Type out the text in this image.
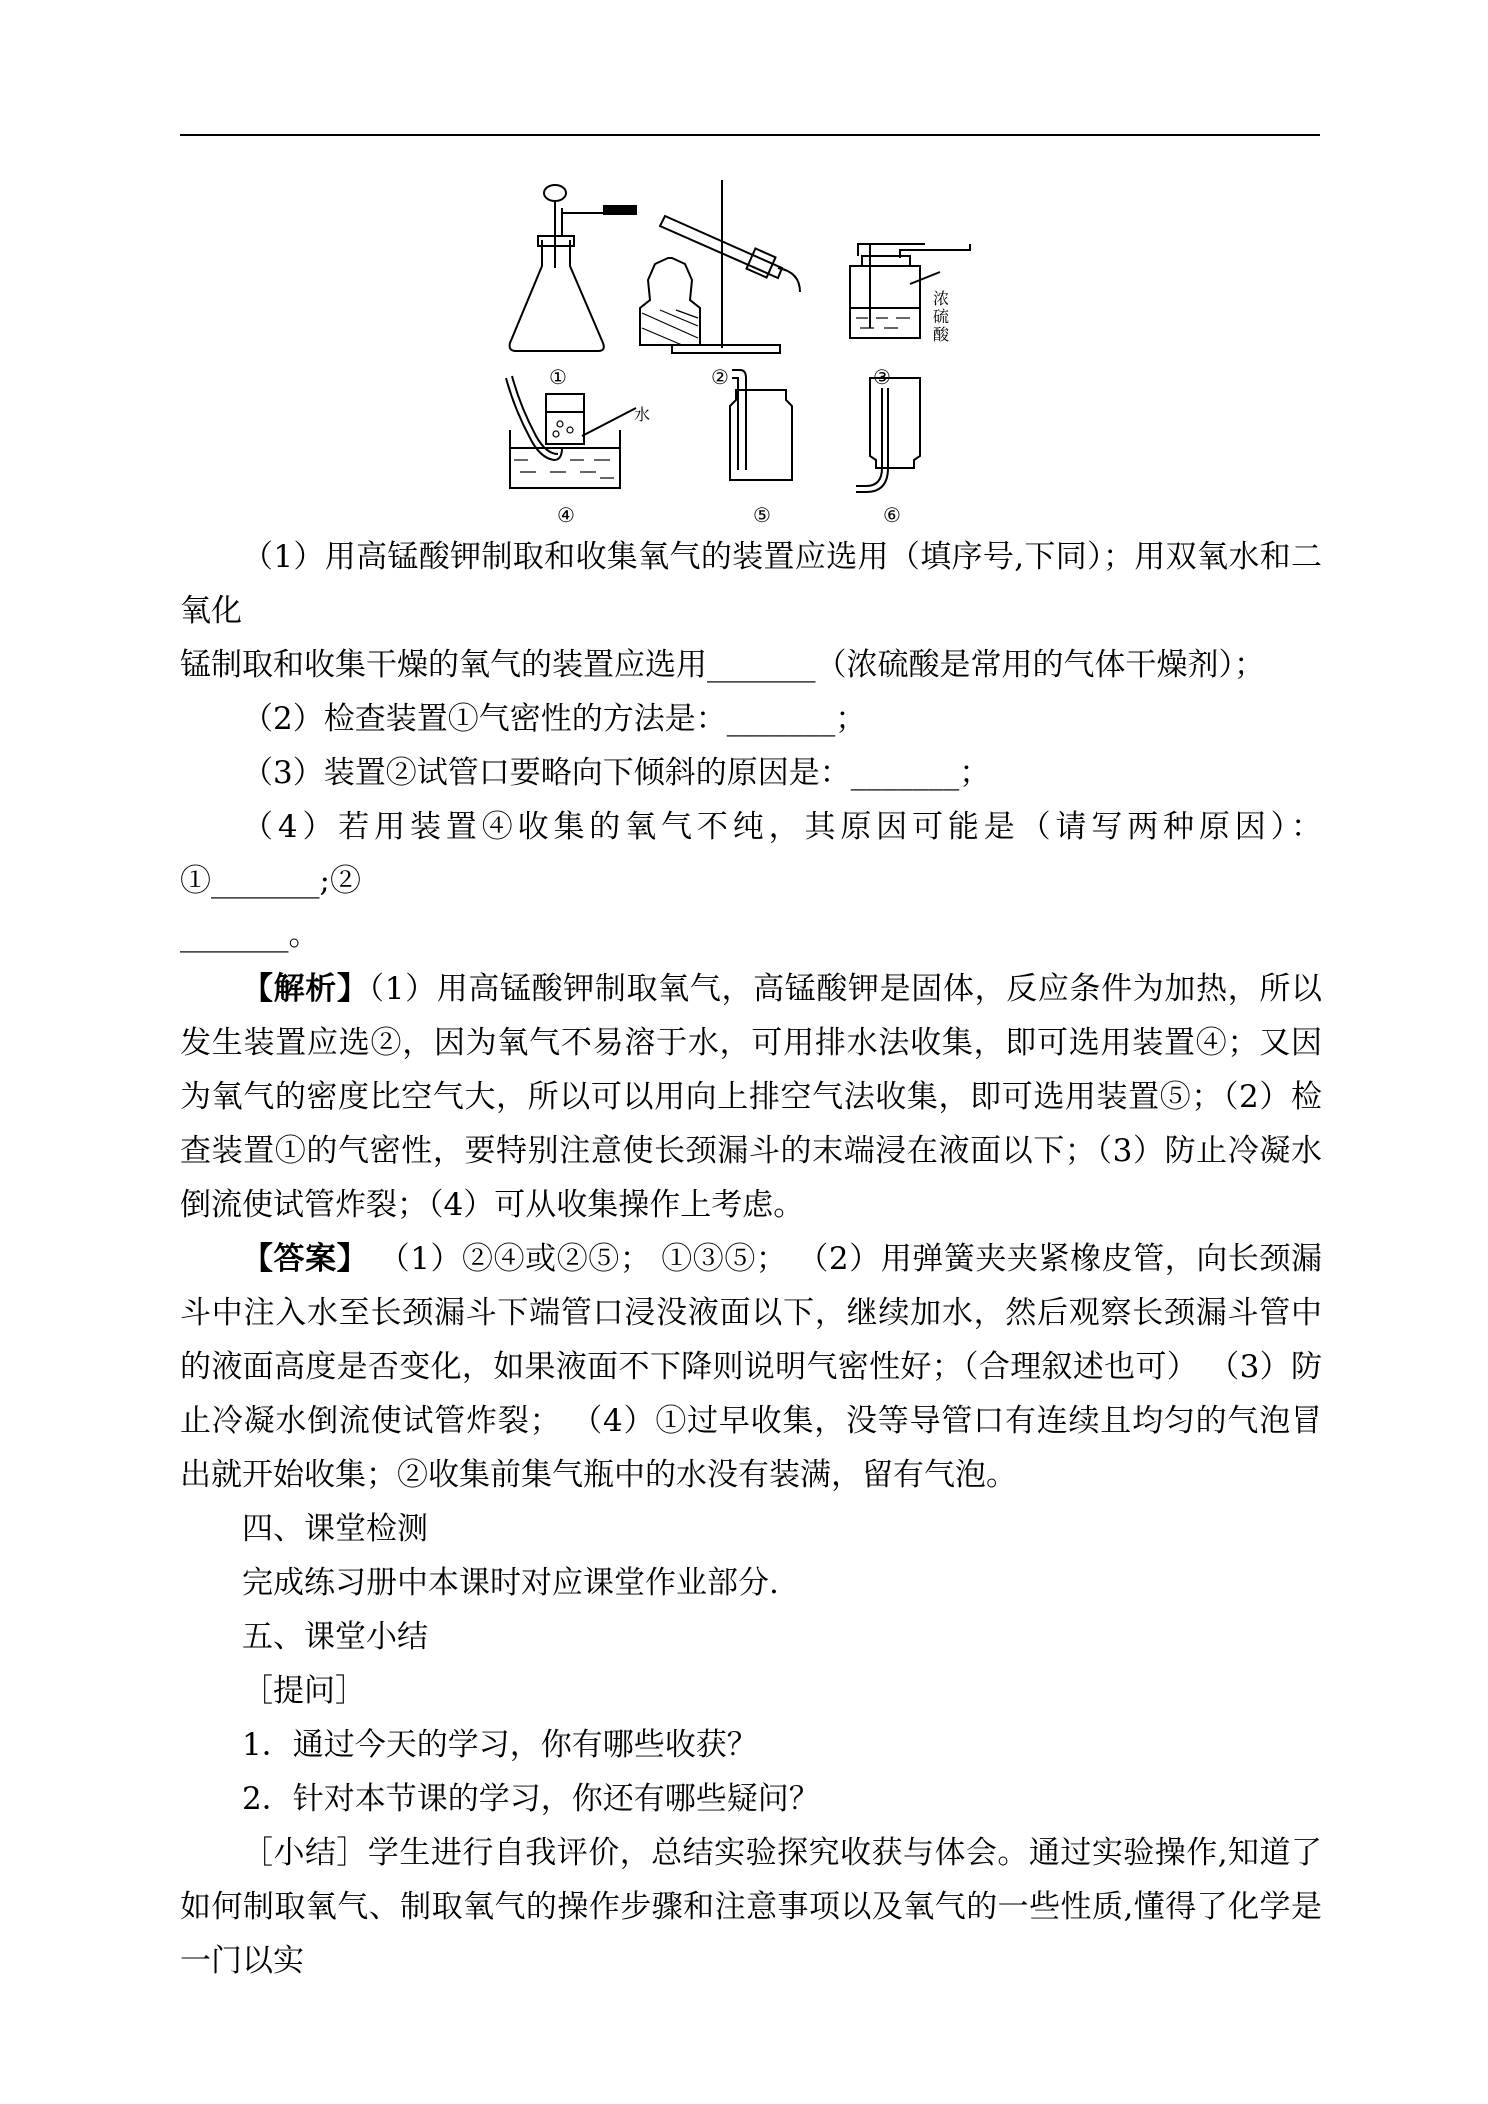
①	②	③
④	⑤	⑥
水
浓硫酸

（1）用高锰酸钾制取和收集氧气的装置应选用（填序号,下同）；用双氧水和二氧化

锰制取和收集干燥的氧气的装置应选用_______（浓硫酸是常用的气体干燥剂）；

（2）检查装置①气密性的方法是：_______；

（3）装置②试管口要略向下倾斜的原因是：_______；

（4）若用装置④收集的氧气不纯，其原因可能是（请写两种原因）：①_______;②

_______。

【解析】（1）用高锰酸钾制取氧气，高锰酸钾是固体，反应条件为加热，所以发生装置应选②，因为氧气不易溶于水，可用排水法收集，即可选用装置④；又因为氧气的密度比空气大，所以可以用向上排空气法收集，即可选用装置⑤；（2）检查装置①的气密性，要特别注意使长颈漏斗的末端浸在液面以下；（3）防止冷凝水倒流使试管炸裂；（4）可从收集操作上考虑。

【答案】 （1）②④或②⑤； ①③⑤； （2）用弹簧夹夹紧橡皮管，向长颈漏斗中注入水至长颈漏斗下端管口浸没液面以下，继续加水，然后观察长颈漏斗管中的液面高度是否变化，如果液面不下降则说明气密性好；（合理叙述也可） （3）防止冷凝水倒流使试管炸裂； （4）①过早收集，没等导管口有连续且均匀的气泡冒出就开始收集；②收集前集气瓶中的水没有装满，留有气泡。

四、课堂检测

完成练习册中本课时对应课堂作业部分.

五、课堂小结

［提问］

1．通过今天的学习，你有哪些收获？

2．针对本节课的学习，你还有哪些疑问？

［小结］学生进行自我评价，总结实验探究收获与体会。通过实验操作,知道了如何制取氧气、制取氧气的操作步骤和注意事项以及氧气的一些性质,懂得了化学是一门以实
